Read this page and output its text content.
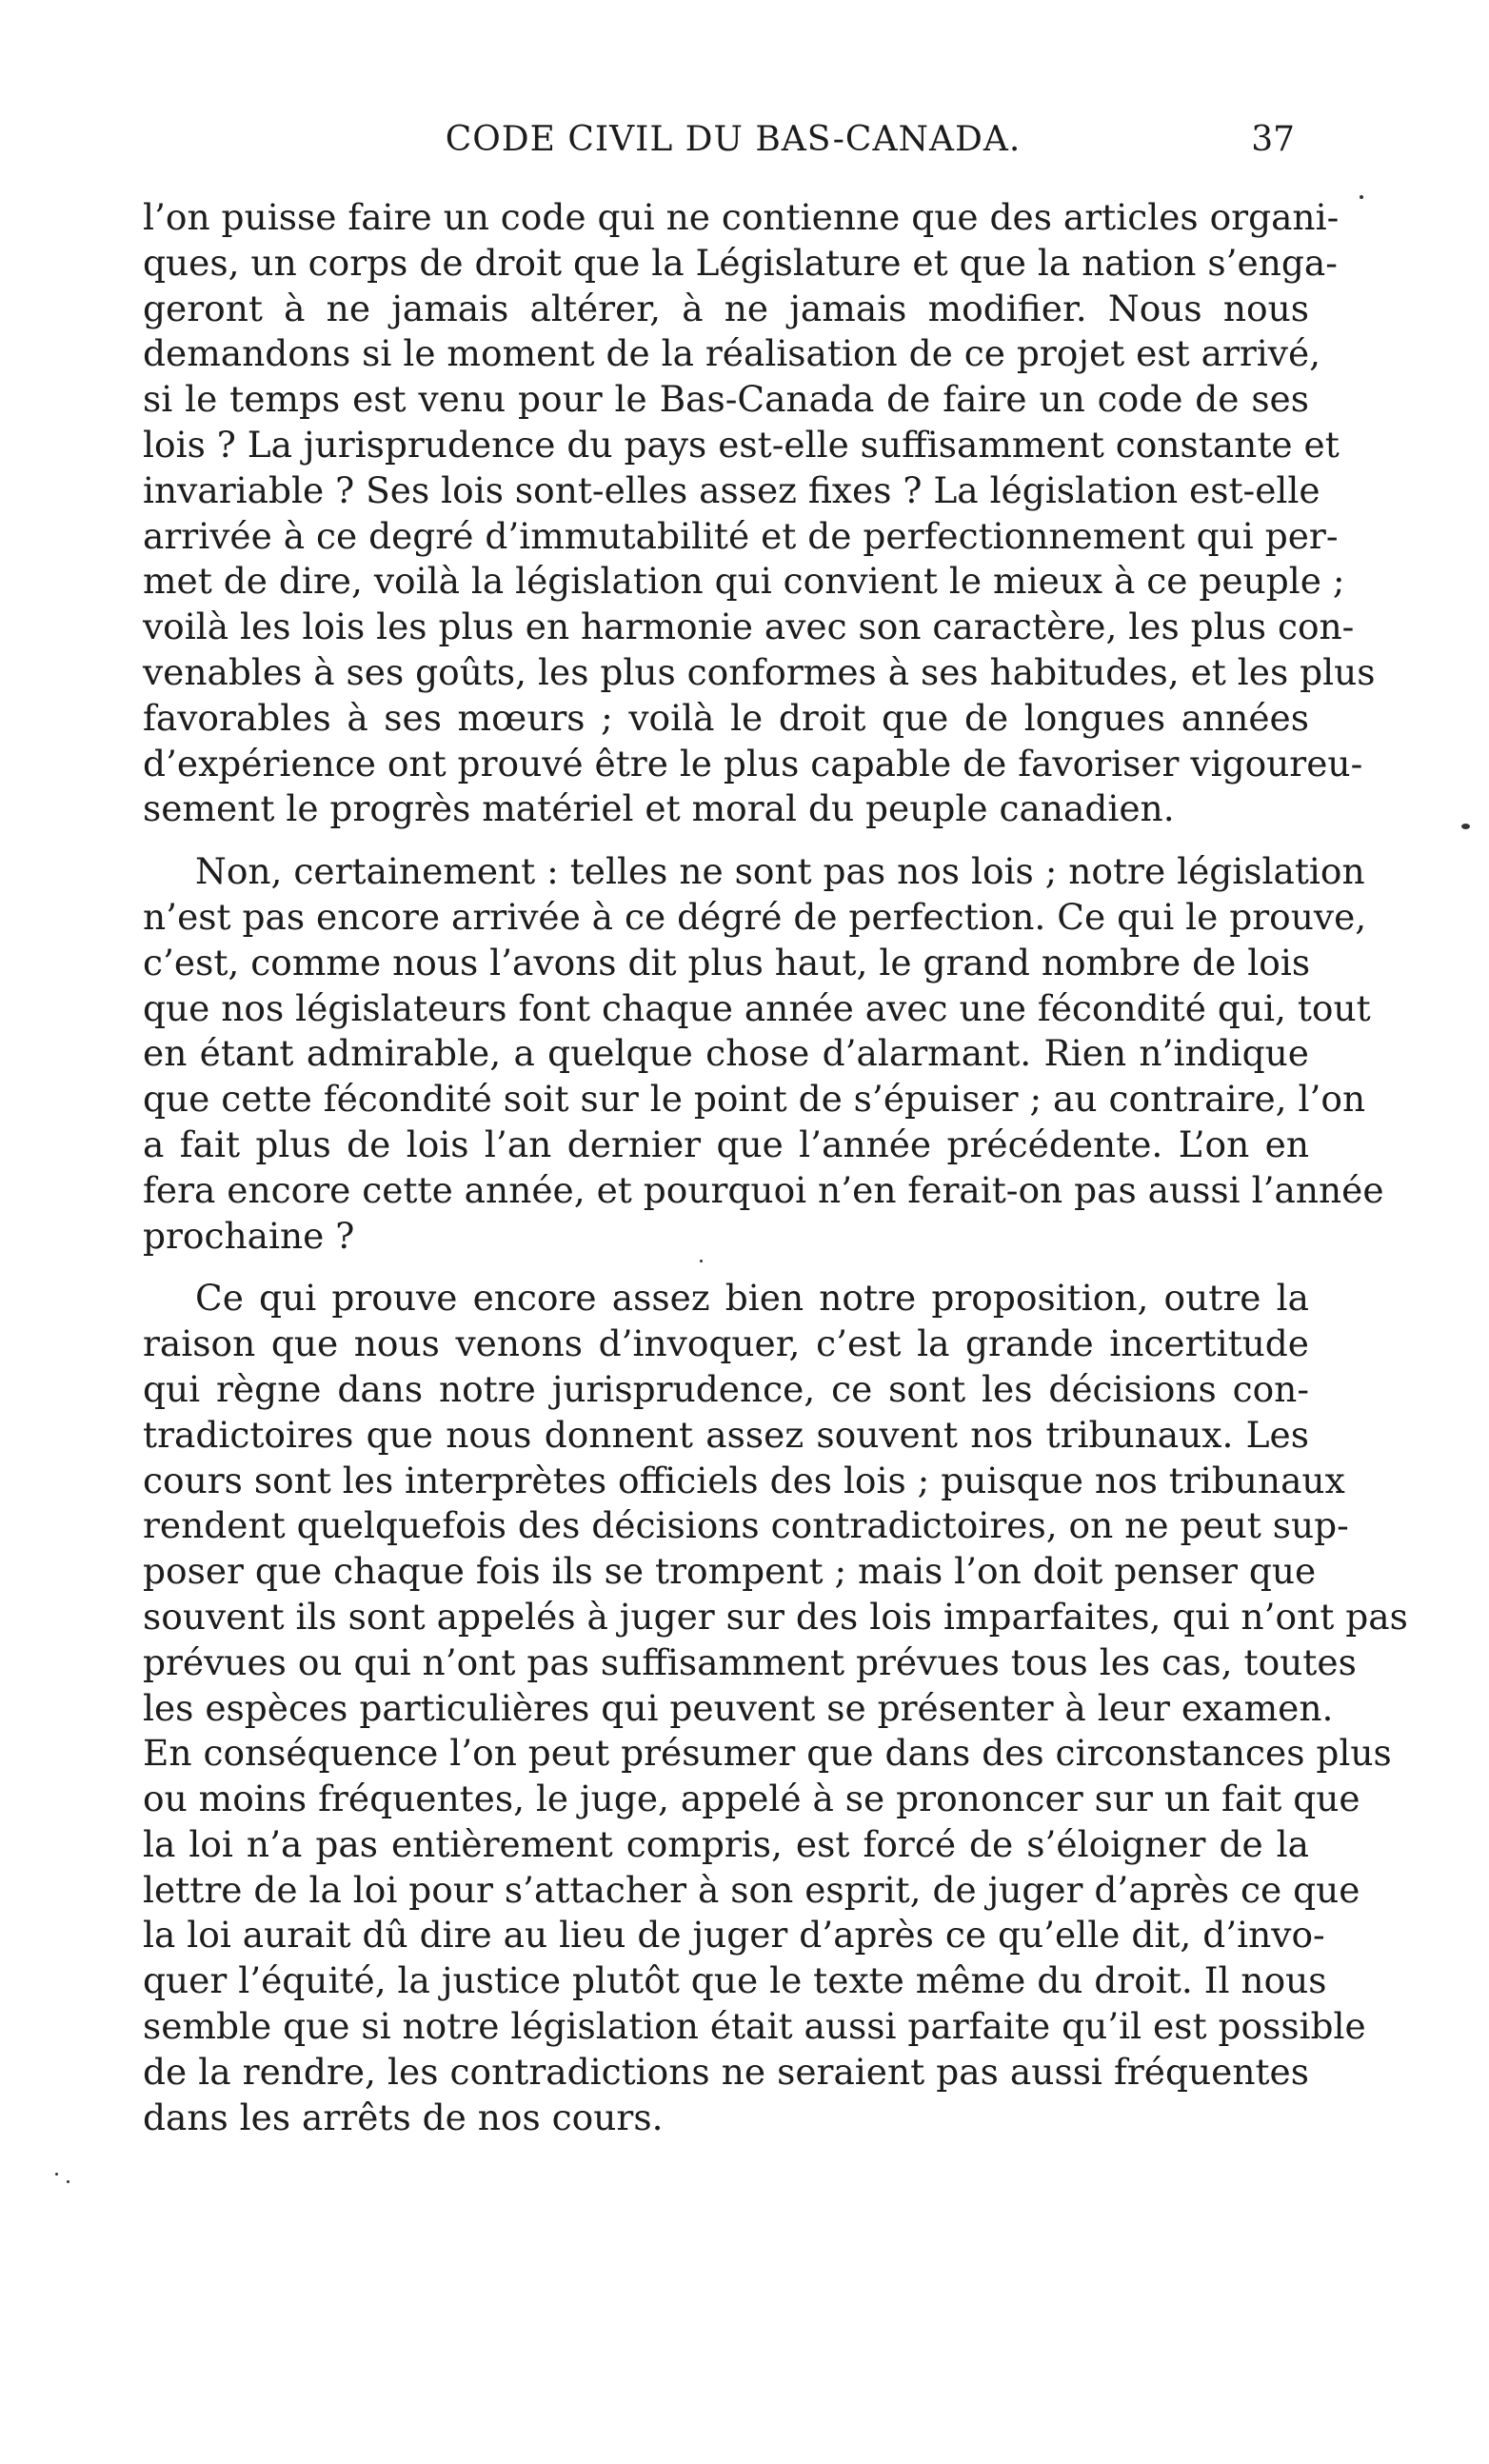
CODE CIVIL DU BAS-CANADA.	37
l’on puisse faire un code qui ne contienne que des articles organi-
ques, un corps de droit que la Législature et que la nation s’enga-
geront à ne jamais altérer, à ne jamais modifier. Nous nous
demandons si le moment de la réalisation de ce projet est arrivé,
si le temps est venu pour le Bas-Canada de faire un code de ses
lois ? La jurisprudence du pays est-elle suffisamment constante et
invariable ? Ses lois sont-elles assez fixes ? La législation est-elle
arrivée à ce degré d’immutabilité et de perfectionnement qui per-
met de dire, voilà la législation qui convient le mieux à ce peuple ;
voilà les lois les plus en harmonie avec son caractère, les plus con-
venables à ses goûts, les plus conformes à ses habitudes, et les plus
favorables à ses mœurs ; voilà le droit que de longues années
d’expérience ont prouvé être le plus capable de favoriser vigoureu-
sement le progrès matériel et moral du peuple canadien.
Non, certainement : telles ne sont pas nos lois ; notre législation
n’est pas encore arrivée à ce dégré de perfection. Ce qui le prouve,
c’est, comme nous l’avons dit plus haut, le grand nombre de lois
que nos législateurs font chaque année avec une fécondité qui, tout
en étant admirable, a quelque chose d’alarmant. Rien n’indique
que cette fécondité soit sur le point de s’épuiser ; au contraire, l’on
a fait plus de lois l’an dernier que l’année précédente. L’on en
fera encore cette année, et pourquoi n’en ferait-on pas aussi l’année
prochaine ?
Ce qui prouve encore assez bien notre proposition, outre la
raison que nous venons d’invoquer, c’est la grande incertitude
qui règne dans notre jurisprudence, ce sont les décisions con-
tradictoires que nous donnent assez souvent nos tribunaux. Les
cours sont les interprètes officiels des lois ; puisque nos tribunaux
rendent quelquefois des décisions contradictoires, on ne peut sup-
poser que chaque fois ils se trompent ; mais l’on doit penser que
souvent ils sont appelés à juger sur des lois imparfaites, qui n’ont pas
prévues ou qui n’ont pas suffisamment prévues tous les cas, toutes
les espèces particulières qui peuvent se présenter à leur examen.
En conséquence l’on peut présumer que dans des circonstances plus
ou moins fréquentes, le juge, appelé à se prononcer sur un fait que
la loi n’a pas entièrement compris, est forcé de s’éloigner de la
lettre de la loi pour s’attacher à son esprit, de juger d’après ce que
la loi aurait dû dire au lieu de juger d’après ce qu’elle dit, d’invo-
quer l’équité, la justice plutôt que le texte même du droit. Il nous
semble que si notre législation était aussi parfaite qu’il est possible
de la rendre, les contradictions ne seraient pas aussi fréquentes
dans les arrêts de nos cours.
